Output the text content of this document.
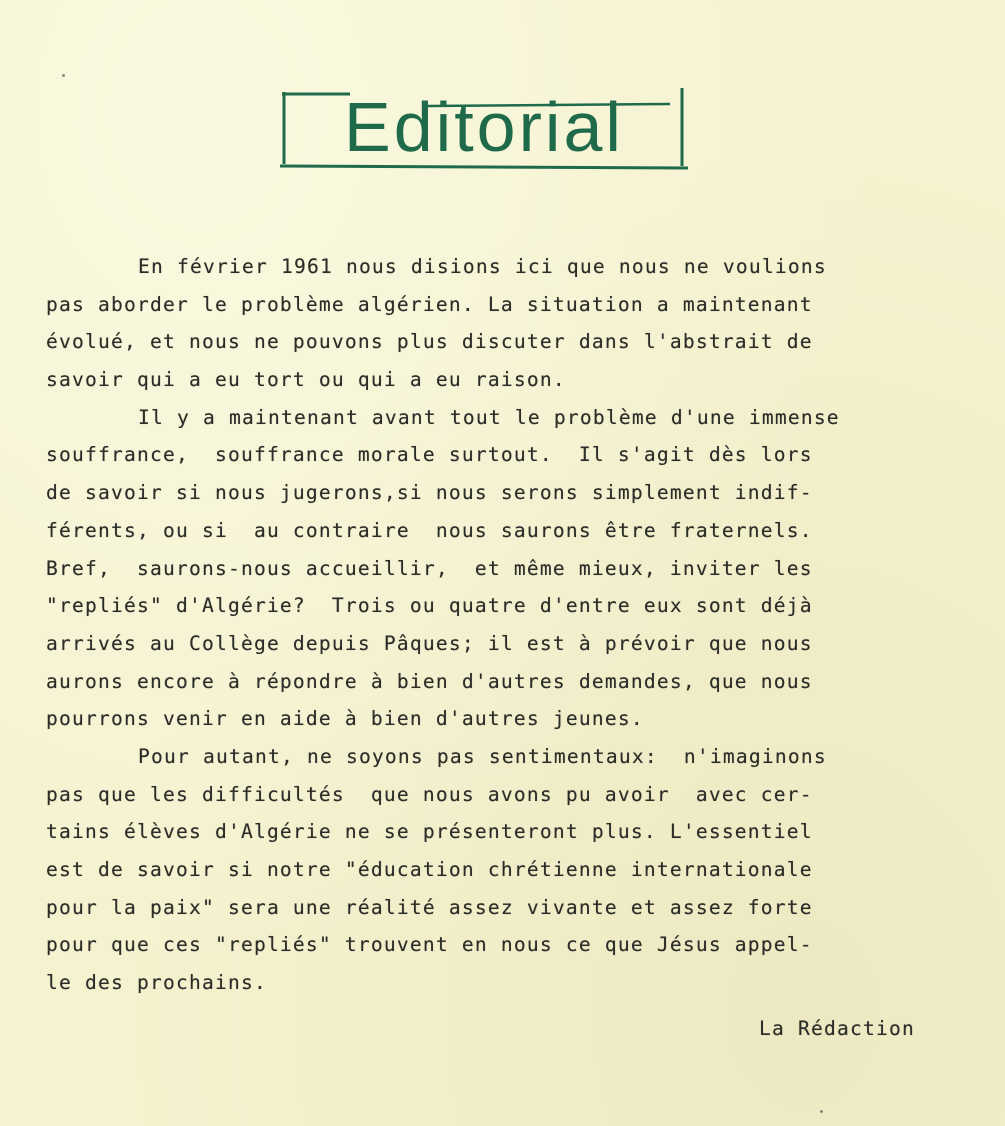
Editorial
En février 1961 nous disions ici que nous ne voulions
pas aborder le problème algérien. La situation a maintenant
évolué, et nous ne pouvons plus discuter dans l'abstrait de
savoir qui a eu tort ou qui a eu raison.
Il y a maintenant avant tout le problème d'une immense
souffrance,  souffrance morale surtout.  Il s'agit dès lors
de savoir si nous jugerons,si nous serons simplement indif-
férents, ou si  au contraire  nous saurons être fraternels.
Bref,  saurons-nous accueillir,  et même mieux, inviter les
"repliés" d'Algérie?  Trois ou quatre d'entre eux sont déjà
arrivés au Collège depuis Pâques; il est à prévoir que nous
aurons encore à répondre à bien d'autres demandes, que nous
pourrons venir en aide à bien d'autres jeunes.
Pour autant, ne soyons pas sentimentaux:  n'imaginons
pas que les difficultés  que nous avons pu avoir  avec cer-
tains élèves d'Algérie ne se présenteront plus. L'essentiel
est de savoir si notre "éducation chrétienne internationale
pour la paix" sera une réalité assez vivante et assez forte
pour que ces "repliés" trouvent en nous ce que Jésus appel-
le des prochains.
La Rédaction
